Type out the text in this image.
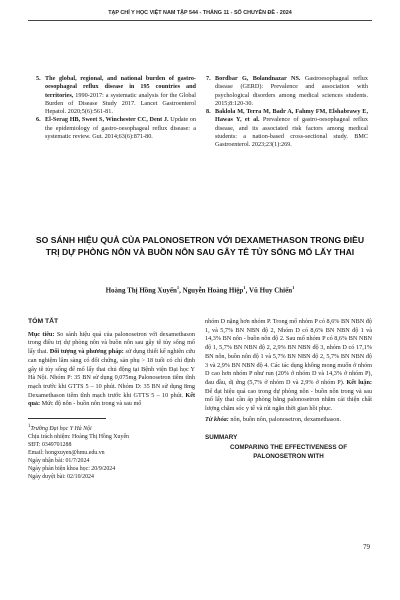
TẠP CHÍ Y HỌC VIỆT NAM TẬP 544 - THÁNG 11 - SỐ CHUYÊN ĐỀ - 2024
5. The global, regional, and national burden of gastro-oesophageal reflux disease in 195 countries and territories, 1990-2017: a systematic analysis for the Global Burden of Disease Study 2017. Lancet Gastroenterol Hepatol. 2020;5(6):561-81.
6. El-Serag HB, Sweet S, Winchester CC, Dent J. Update on the epidemiology of gastro-oesophageal reflux disease: a systematic review. Gut. 2014;63(6):871-80.
7. Bordbar G, Bolandnazar NS. Gastroesophageal reflux disease (GERD): Prevalence and association with psychological disorders among medical sciences students. 2015;8:120-30.
8. Baklola M, Terra M, Badr A, Fahmy FM, Elshabrawy E, Hawas Y, et al. Prevalence of gastro-oesophageal reflux disease, and its associated risk factors among medical students: a nation-based cross-sectional study. BMC Gastroenterol. 2023;23(1):269.
SO SÁNH HIỆU QUẢ CỦA PALONOSETRON VỚI DEXAMETHASON TRONG ĐIỀU TRỊ DỰ PHÒNG NÔN VÀ BUỒN NÔN SAU GÂY TÊ TỦY SỐNG MỔ LẤY THAI
Hoàng Thị Hồng Xuyến$^1$, Nguyễn Hoàng Hiệp$^1$, Vũ Huy Chiến$^1$
TÓM TẮT
Mục tiêu: So sánh hiệu quả của palonosetron với dexamethason trong điều trị dự phòng nôn và buồn nôn sau gây tê tủy sống mổ lấy thai. Đối tượng và phương pháp: sử dụng thiết kế nghiên cứu can nghiệm lâm sàng có đối chứng, sản phụ > 18 tuổi có chỉ định gây tê tủy sống để mổ lấy thai chủ động tại Bệnh viện Đại học Y Hà Nội. Nhóm P: 35 BN sử dụng 0,075mg Palonosetron tiêm tĩnh mạch trước khi GTTS 5 – 10 phút. Nhóm D: 35 BN sử dụng 8mg Dexamethason tiêm tĩnh mạch trước khi GTTS 5 – 10 phút. Kết quả: Mức độ nôn - buồn nôn trong và sau mổ
$^1$Trường Đại học Y Hà Nội
Chịu trách nhiệm: Hoàng Thị Hồng Xuyến
SĐT: 0349701288
Email: hongxuyen@hmu.edu.vn
Ngày nhận bài: 01/7/2024
Ngày phản biện khoa học: 20/9/2024
Ngày duyệt bài: 02/10/2024
nhóm D nặng hơn nhóm P. Trong mổ nhóm P có 8,6% BN NBN độ 1, và 5,7% BN NBN độ 2, Nhóm D có 8,6% BN NBN độ 1 và 14,3% BN nôn - buồn nôn độ 2. Sau mổ nhóm P có 8,6% BN NBN độ 1, 5,7% BN NBN độ 2, 2,9% BN NBN độ 3, nhóm D có 17,1% BN nôn, buồn nôn độ 1 và 5,7% BN NBN độ 2, 5,7% BN NBN độ 3 và 2,9% BN NBN độ 4. Các tác dụng không mong muốn ở nhóm D cao hơn nhóm P như run (20% ở nhóm D và 14,3% ở nhóm P), đau đầu, dị ứng (5,7% ở nhóm D và 2,9% ở nhóm P). Kết luận: Để đạt hiệu quả cao trong dự phòng nôn - buồn nôn trong và sau mổ lấy thai cần áp phòng bằng palonosetron nhằm cải thiện chất lượng chăm sóc y tế và rút ngắn thời gian hồi phục.
Từ khóa: nôn, buồn nôn, palonosetron, dexamethason.
SUMMARY
COMPARING THE EFFECTIVENESS OF PALONOSETRON WITH
79
